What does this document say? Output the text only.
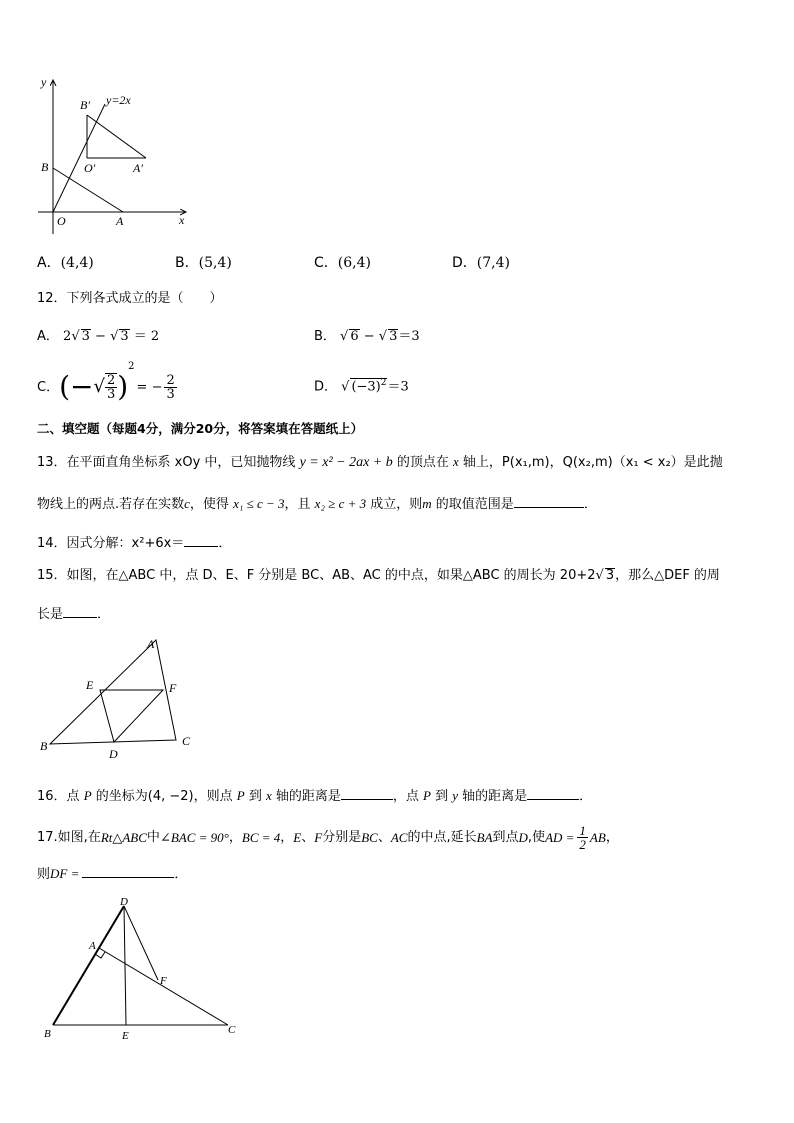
y
x
O	A
B
B′ y=2x
O′	A′
A．(4,4)	B．(5,4)	C．(6,4)	D．(7,4)
12．下列各式成立的是（　　）
A． 2√ 3 − √ 3 ＝ 2	B． √ 6 − √ 3＝3
C． (− √ $\frac{2}{3}$ )
2
= − $\frac{2}{3}$	D． √ $(-3)^2=3$
二、填空题（每题4分，满分20分，将答案填在答题纸上）
13．在平面直角坐标系 xOy 中，已知抛物线 y = x² − 2ax + b 的顶点在 x 轴上，P(x₁,m)，Q(x₂,m)（x₁ < x₂）是此抛
物线上的两点.若存在实数c，使得 x₁ ≤ c − 3，且 x₂ ≥ c + 3 成立，则m 的取值范围是	．
14．因式分解：x²+6x＝	．
15．如图，在△ABC 中，点 D、E、F 分别是 BC、AB、AC 的中点，如果△ABC 的周长为 20+2√ 3，那么△DEF 的周
长是	．
A
E	F
B
D
C
16．点 P 的坐标为(4, −2)，则点 P 到 x 轴的距离是	，点 P 到 y 轴的距离是	．
17.如图,在 Rt△ABC 中 ∠BAC = 90° ， BC = 4 ， E 、 F 分别是 BC 、 AC 的中点,延长 BA 到点 D ,使 AD = $\frac{1}{2}$ AB ，
则DF =	．
D
A
F
B	E	C
